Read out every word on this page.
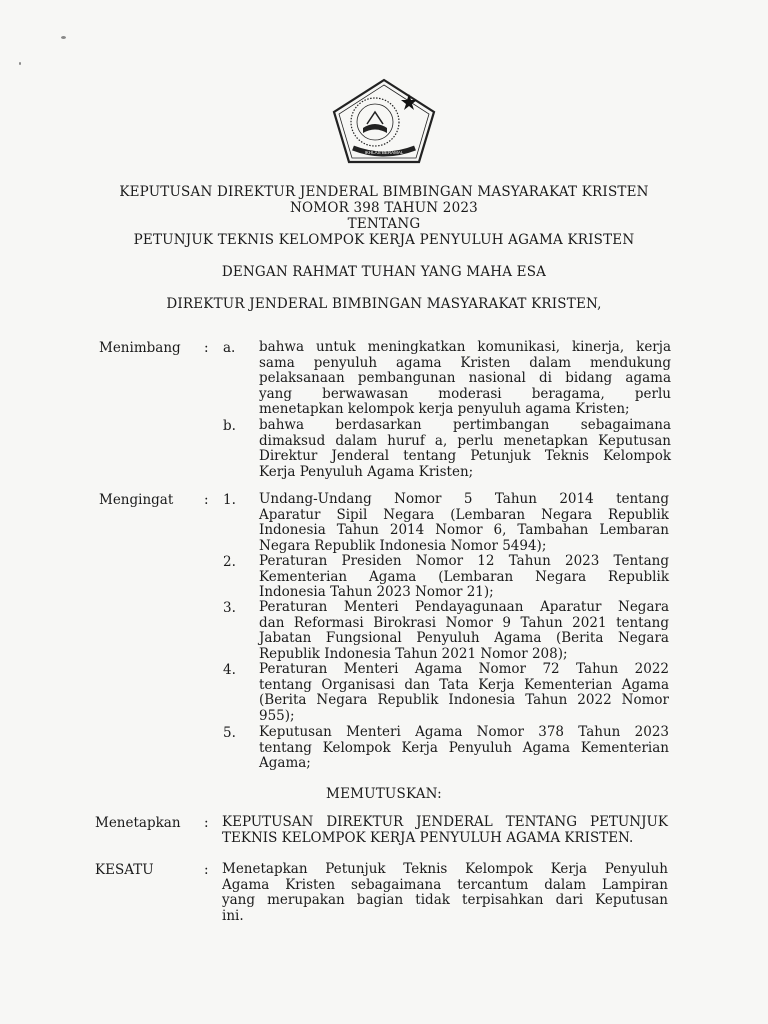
IKHLAS BERAMAL
KEPUTUSAN DIREKTUR JENDERAL BIMBINGAN MASYARAKAT KRISTEN
NOMOR 398 TAHUN 2023
TENTANG
PETUNJUK TEKNIS KELOMPOK KERJA PENYULUH AGAMA KRISTEN
DENGAN RAHMAT TUHAN YANG MAHA ESA
DIREKTUR JENDERAL BIMBINGAN MASYARAKAT KRISTEN,
Menimbang : a. bahwa untuk meningkatkan komunikasi, kinerja, kerja
sama penyuluh agama Kristen dalam mendukung
pelaksanaan pembangunan nasional di bidang agama
yang berwawasan moderasi beragama, perlu
menetapkan kelompok kerja penyuluh agama Kristen;
b. bahwa berdasarkan pertimbangan sebagaimana
dimaksud dalam huruf a, perlu menetapkan Keputusan
Direktur Jenderal tentang Petunjuk Teknis Kelompok
Kerja Penyuluh Agama Kristen;
Mengingat : 1. Undang-Undang Nomor 5 Tahun 2014 tentang
Aparatur Sipil Negara (Lembaran Negara Republik
Indonesia Tahun 2014 Nomor 6, Tambahan Lembaran
Negara Republik Indonesia Nomor 5494);
2. Peraturan Presiden Nomor 12 Tahun 2023 Tentang
Kementerian Agama (Lembaran Negara Republik
Indonesia Tahun 2023 Nomor 21);
3. Peraturan Menteri Pendayagunaan Aparatur Negara
dan Reformasi Birokrasi Nomor 9 Tahun 2021 tentang
Jabatan Fungsional Penyuluh Agama (Berita Negara
Republik Indonesia Tahun 2021 Nomor 208);
4. Peraturan Menteri Agama Nomor 72 Tahun 2022
tentang Organisasi dan Tata Kerja Kementerian Agama
(Berita Negara Republik Indonesia Tahun 2022 Nomor
955);
5. Keputusan Menteri Agama Nomor 378 Tahun 2023
tentang Kelompok Kerja Penyuluh Agama Kementerian
Agama;
MEMUTUSKAN:
Menetapkan : KEPUTUSAN DIREKTUR JENDERAL TENTANG PETUNJUK
TEKNIS KELOMPOK KERJA PENYULUH AGAMA KRISTEN.
KESATU	: Menetapkan Petunjuk Teknis Kelompok Kerja Penyuluh
Agama Kristen sebagaimana tercantum dalam Lampiran
yang merupakan bagian tidak terpisahkan dari Keputusan
ini.
